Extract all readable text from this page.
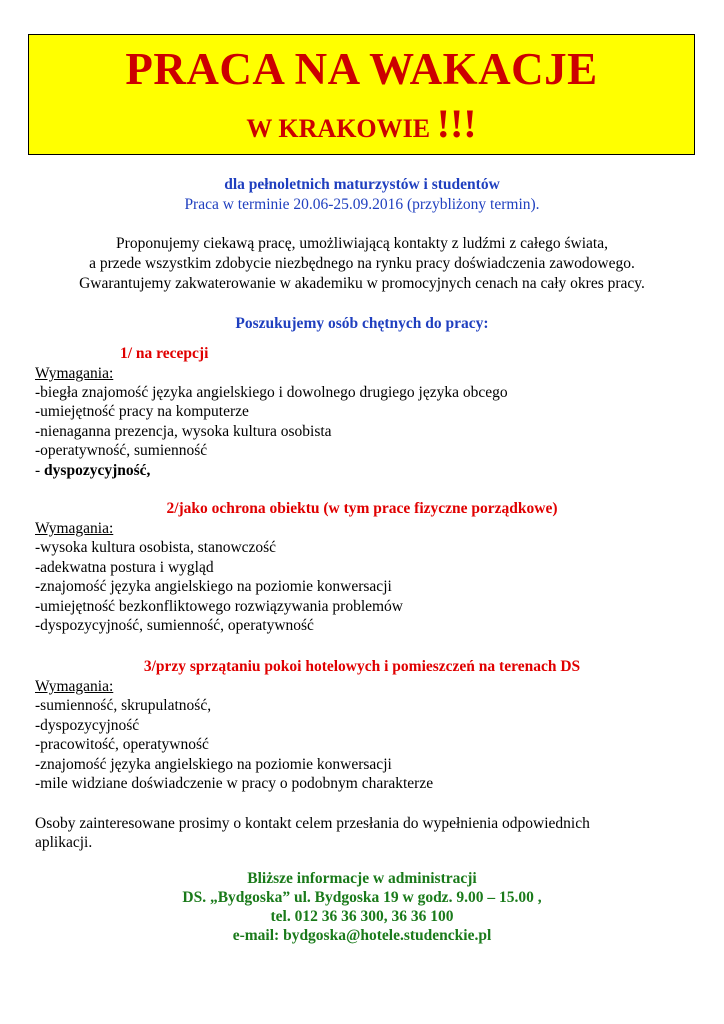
PRACA NA WAKACJE
W KRAKOWIE !!!
dla pełnoletnich maturzystów i studentów
Praca w terminie 20.06-25.09.2016 (przybliżony termin).
Proponujemy ciekawą pracę, umożliwiającą kontakty z ludźmi z całego świata,
a przede wszystkim zdobycie niezbędnego na rynku pracy doświadczenia zawodowego.
Gwarantujemy zakwaterowanie w akademiku w promocyjnych cenach na cały okres pracy.
Poszukujemy osób chętnych do pracy:
1/ na recepcji
Wymagania:
-biegła znajomość języka angielskiego i dowolnego drugiego języka obcego
-umiejętność pracy na komputerze
-nienaganna prezencja, wysoka kultura osobista
-operatywność, sumienność
- dyspozycyjność,
2/jako ochrona obiektu (w tym prace fizyczne porządkowe)
Wymagania:
-wysoka kultura osobista, stanowczość
-adekwatna postura i wygląd
-znajomość języka angielskiego na poziomie konwersacji
-umiejętność bezkonfliktowego rozwiązywania problemów
-dyspozycyjność, sumienność, operatywność
3/przy sprzątaniu pokoi hotelowych i pomieszczeń na terenach DS
Wymagania:
-sumienność, skrupulatność,
-dyspozycyjność
-pracowitość, operatywność
-znajomość języka angielskiego na poziomie konwersacji
-mile widziane doświadczenie w pracy o podobnym charakterze
Osoby zainteresowane prosimy o kontakt celem przesłania do wypełnienia odpowiednich
aplikacji.
Bliższe informacje w administracji
DS. „Bydgoska” ul. Bydgoska 19 w godz. 9.00 – 15.00 ,
tel. 012 36 36 300, 36 36 100
e-mail: bydgoska@hotele.studenckie.pl
